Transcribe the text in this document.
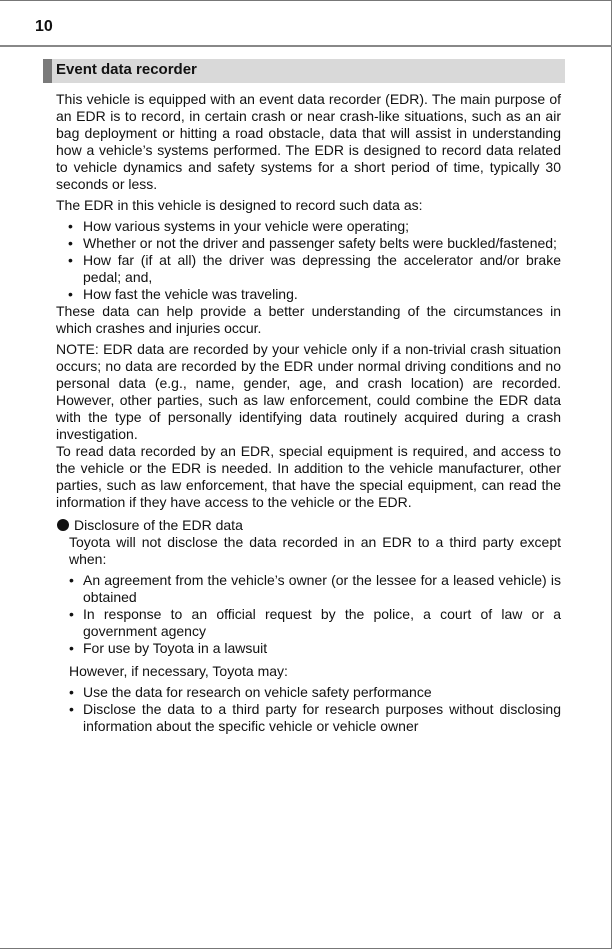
10
Event data recorder

This vehicle is equipped with an event data recorder (EDR). The main purpose of an EDR is to record, in certain crash or near crash-like situations, such as an air bag deployment or hitting a road obstacle, data that will assist in understanding how a vehicle’s systems performed. The EDR is designed to record data related to vehicle dynamics and safety systems for a short period of time, typically 30 seconds or less.

The EDR in this vehicle is designed to record such data as:

• How various systems in your vehicle were operating;
• Whether or not the driver and passenger safety belts were buckled/fastened;
• How far (if at all) the driver was depressing the accelerator and/or brake pedal; and,
• How fast the vehicle was traveling.

These data can help provide a better understanding of the circumstances in which crashes and injuries occur.

NOTE: EDR data are recorded by your vehicle only if a non-trivial crash situation occurs; no data are recorded by the EDR under normal driving conditions and no personal data (e.g., name, gender, age, and crash location) are recorded. However, other parties, such as law enforcement, could combine the EDR data with the type of personally identifying data routinely acquired during a crash investigation.

To read data recorded by an EDR, special equipment is required, and access to the vehicle or the EDR is needed. In addition to the vehicle manufacturer, other parties, such as law enforcement, that have the special equipment, can read the information if they have access to the vehicle or the EDR.

Disclosure of the EDR data

Toyota will not disclose the data recorded in an EDR to a third party except when:

• An agreement from the vehicle’s owner (or the lessee for a leased vehicle) is obtained
• In response to an official request by the police, a court of law or a government agency
• For use by Toyota in a lawsuit

However, if necessary, Toyota may:

• Use the data for research on vehicle safety performance
• Disclose the data to a third party for research purposes without disclosing information about the specific vehicle or vehicle owner
